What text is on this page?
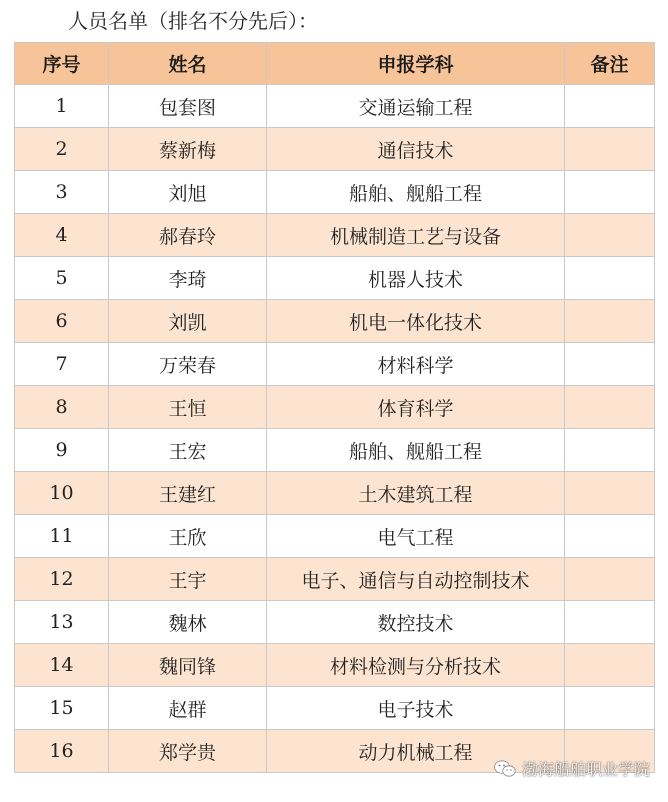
人员名单（排名不分先后）：
序号	姓名	申报学科	备注
1	包套图	交通运输工程	
2	蔡新梅	通信技术	
3	刘旭	船舶、舰船工程	
4	郝春玲	机械制造工艺与设备	
5	李琦	机器人技术	
6	刘凯	机电一体化技术	
7	万荣春	材料科学	
8	王恒	体育科学	
9	王宏	船舶、舰船工程	
10	王建红	土木建筑工程	
11	王欣	电气工程	
12	王宇	电子、通信与自动控制技术	
13	魏林	数控技术	
14	魏同锋	材料检测与分析技术	
15	赵群	电子技术	
16	郑学贵	动力机械工程	
渤海船舶职业学院
